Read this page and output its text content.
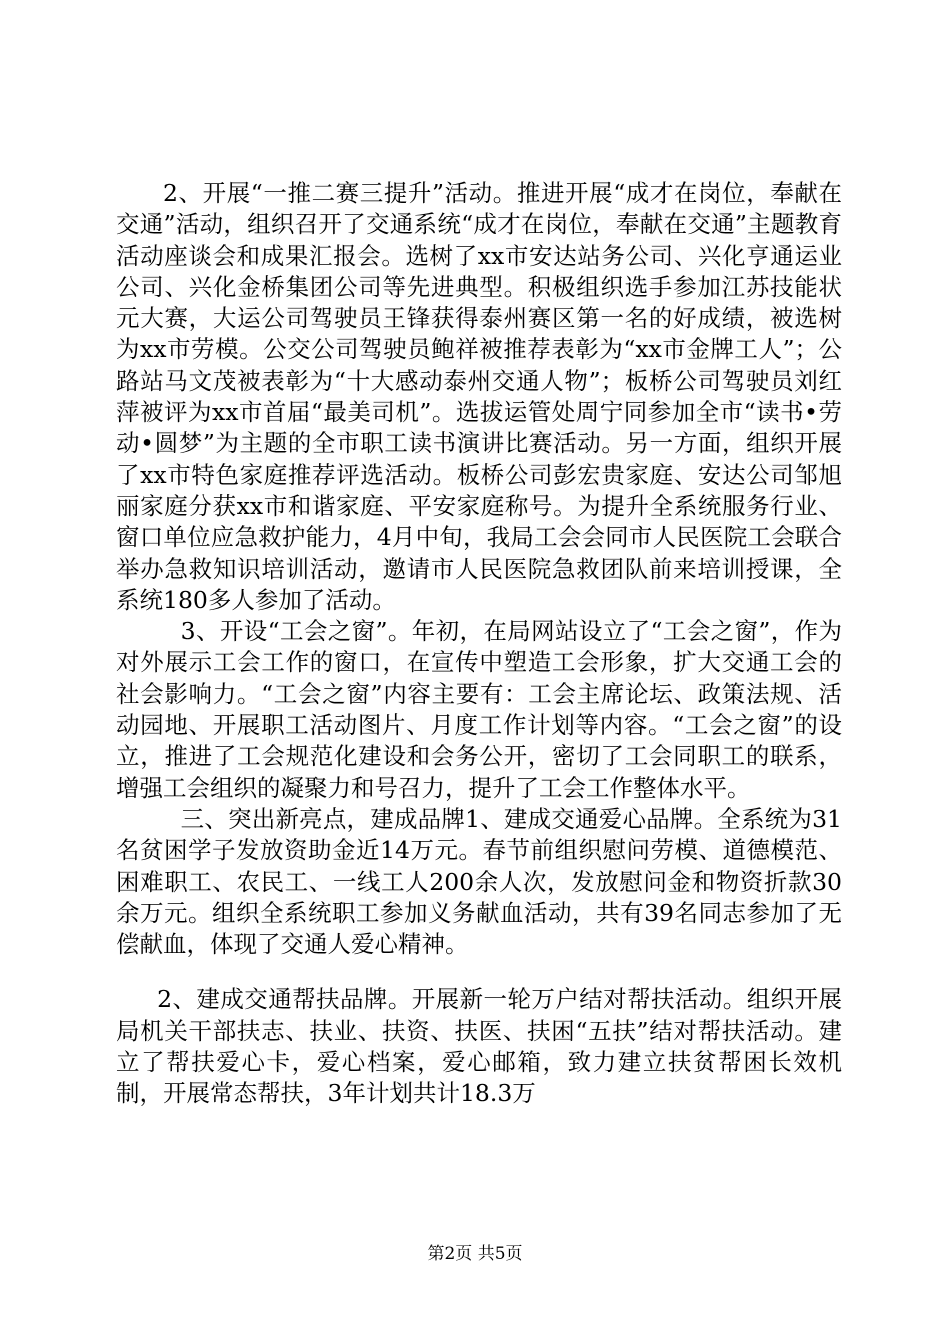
2、开展“一推二赛三提升”活动。推进开展“成才在岗位，奉献在交通”活动，组织召开了交通系统“成才在岗位，奉献在交通”主题教育活动座谈会和成果汇报会。选树了xx市安达站务公司、兴化亨通运业公司、兴化金桥集团公司等先进典型。积极组织选手参加江苏技能状元大赛，大运公司驾驶员王锋获得泰州赛区第一名的好成绩，被选树为xx市劳模。公交公司驾驶员鲍祥被推荐表彰为“xx市金牌工人”；公路站马文茂被表彰为“十大感动泰州交通人物”；板桥公司驾驶员刘红萍被评为xx市首届“最美司机”。选拔运管处周宁同参加全市“读书•劳动•圆梦”为主题的全市职工读书演讲比赛活动。另一方面，组织开展了xx市特色家庭推荐评选活动。板桥公司彭宏贵家庭、安达公司邹旭丽家庭分获xx市和谐家庭、平安家庭称号。为提升全系统服务行业、窗口单位应急救护能力，4月中旬，我局工会会同市人民医院工会联合举办急救知识培训活动，邀请市人民医院急救团队前来培训授课，全系统180多人参加了活动。

3、开设“工会之窗”。年初，在局网站设立了“工会之窗”，作为对外展示工会工作的窗口，在宣传中塑造工会形象，扩大交通工会的社会影响力。“工会之窗”内容主要有：工会主席论坛、政策法规、活动园地、开展职工活动图片、月度工作计划等内容。“工会之窗”的设立，推进了工会规范化建设和会务公开，密切了工会同职工的联系，增强工会组织的凝聚力和号召力，提升了工会工作整体水平。

三、突出新亮点，建成品牌1、建成交通爱心品牌。全系统为31名贫困学子发放资助金近14万元。春节前组织慰问劳模、道德模范、困难职工、农民工、一线工人200余人次，发放慰问金和物资折款30余万元。组织全系统职工参加义务献血活动，共有39名同志参加了无偿献血，体现了交通人爱心精神。

2、建成交通帮扶品牌。开展新一轮万户结对帮扶活动。组织开展局机关干部扶志、扶业、扶资、扶医、扶困“五扶”结对帮扶活动。建立了帮扶爱心卡，爱心档案，爱心邮箱，致力建立扶贫帮困长效机制，开展常态帮扶，3年计划共计18.3万

第2页 共5页
